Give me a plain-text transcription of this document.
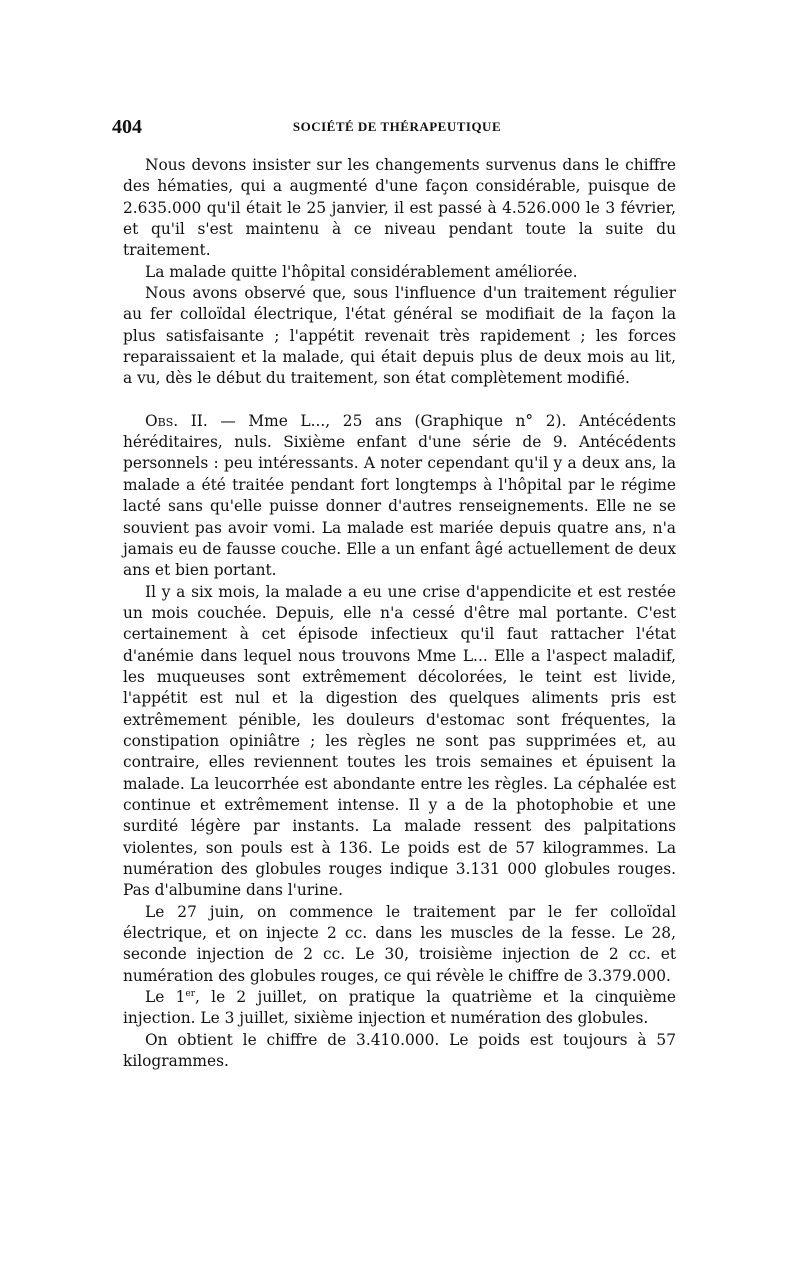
404	SOCIÉTÉ DE THÉRAPEUTIQUE

Nous devons insister sur les changements survenus dans le chiffre des hématies, qui a augmenté d'une façon considérable, puisque de 2.635.000 qu'il était le 25 janvier, il est passé à 4.526.000 le 3 février, et qu'il s'est maintenu à ce niveau pendant toute la suite du traitement.

La malade quitte l'hôpital considérablement améliorée.

Nous avons observé que, sous l'influence d'un traitement régulier au fer colloïdal électrique, l'état général se modifiait de la façon la plus satisfaisante ; l'appétit revenait très rapidement ; les forces reparaissaient et la malade, qui était depuis plus de deux mois au lit, a vu, dès le début du traitement, son état complètement modifié.

Obs. II. — Mme L..., 25 ans (Graphique n° 2). Antécédents héréditaires, nuls. Sixième enfant d'une série de 9. Antécédents personnels : peu intéressants. A noter cependant qu'il y a deux ans, la malade a été traitée pendant fort longtemps à l'hôpital par le régime lacté sans qu'elle puisse donner d'autres renseignements. Elle ne se souvient pas avoir vomi. La malade est mariée depuis quatre ans, n'a jamais eu de fausse couche. Elle a un enfant âgé actuellement de deux ans et bien portant.

Il y a six mois, la malade a eu une crise d'appendicite et est restée un mois couchée. Depuis, elle n'a cessé d'être mal portante. C'est certainement à cet épisode infectieux qu'il faut rattacher l'état d'anémie dans lequel nous trouvons Mme L... Elle a l'aspect maladif, les muqueuses sont extrêmement décolorées, le teint est livide, l'appétit est nul et la digestion des quelques aliments pris est extrêmement pénible, les douleurs d'estomac sont fréquentes, la constipation opiniâtre ; les règles ne sont pas supprimées et, au contraire, elles reviennent toutes les trois semaines et épuisent la malade. La leucorrhée est abondante entre les règles. La céphalée est continue et extrêmement intense. Il y a de la photophobie et une surdité légère par instants. La malade ressent des palpitations violentes, son pouls est à 136. Le poids est de 57 kilogrammes. La numération des globules rouges indique 3.131 000 globules rouges. Pas d'albumine dans l'urine.

Le 27 juin, on commence le traitement par le fer colloïdal électrique, et on injecte 2 cc. dans les muscles de la fesse. Le 28, seconde injection de 2 cc. Le 30, troisième injection de 2 cc. et numération des globules rouges, ce qui révèle le chiffre de 3.379.000.

Le 1er, le 2 juillet, on pratique la quatrième et la cinquième injection. Le 3 juillet, sixième injection et numération des globules.

On obtient le chiffre de 3.410.000. Le poids est toujours à 57 kilogrammes.
